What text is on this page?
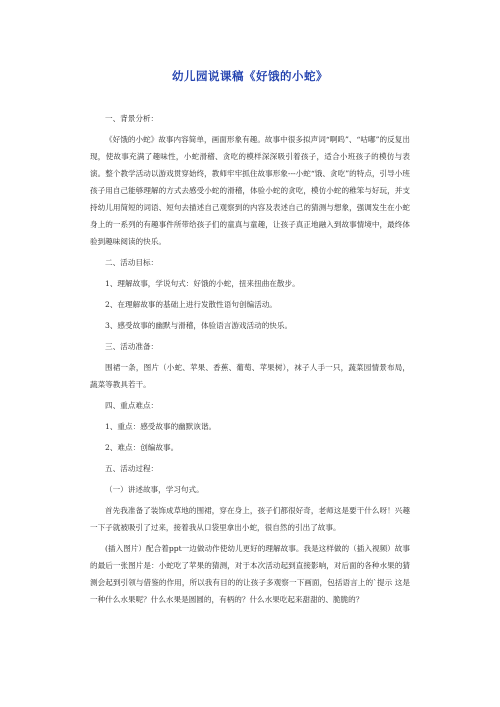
幼儿园说课稿《好饿的小蛇》

一、背景分析：

《好饿的小蛇》故事内容简单，画面形象有趣。故事中很多拟声词“啊呜”、“咕嘟”的反复出现，使故事充满了趣味性，小蛇滑稽、贪吃的模样深深吸引着孩子，适合小班孩子的模仿与表演。整个教学活动以游戏贯穿始终，教师牢牢抓住故事形象---小蛇“饿、贪吃”的特点，引导小班孩子用自己能够理解的方式去感受小蛇的滑稽，体验小蛇的贪吃，模仿小蛇的稚笨与好玩，并支持幼儿用简短的词语、短句去描述自己观察到的内容及表述自己的猜测与想象，强调发生在小蛇身上的一系列的有趣事件所带给孩子们的童真与童趣，让孩子真正地融入到故事情境中，最终体验到趣味阅读的快乐。

二、活动目标：

1、理解故事，学说句式：好饿的小蛇，扭来扭曲在散步。

2、在理解故事的基础上进行发散性语句创编活动。

3、感受故事的幽默与滑稽，体验语言游戏活动的快乐。

三、活动准备：

围裙一条，图片（小蛇、苹果、香蕉、葡萄、苹果树），袜子人手一只，蔬菜园情景布局，蔬菜等教具若干。

四、重点难点：

1、重点：感受故事的幽默诙谐。

2、难点：创编故事。

五、活动过程：

（一）讲述故事，学习句式。

首先我准备了装饰成草地的围裙，穿在身上，孩子们都很好奇，老师这是要干什么呀！兴趣一下子就被吸引了过来，接着我从口袋里拿出小蛇，很自然的引出了故事。

(插入图片）配合着ppt一边做动作使幼儿更好的理解故事。我是这样做的（插入视频）故事的最后一张图片是：小蛇吃了苹果的猜测，对于本次活动起到直接影响，对后面的各种水果的猜测会起到引领与借鉴的作用，所以我有目的的让孩子多观察一下画面，包括语言上的`提示 这是一种什么水果呢？什么水果是圆圆的，有柄的？什么水果吃起来甜甜的、脆脆的？
